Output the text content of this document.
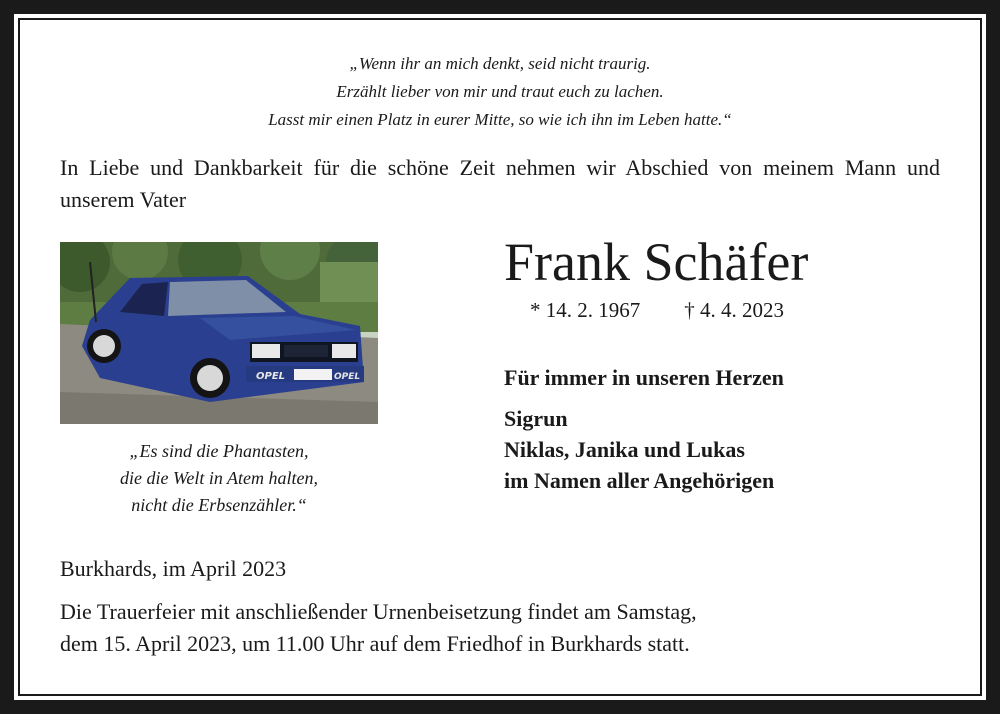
„Wenn ihr an mich denkt, seid nicht traurig.
Erzählt lieber von mir und traut euch zu lachen.
Lasst mir einen Platz in eurer Mitte, so wie ich ihn im Leben hatte.“
In Liebe und Dankbarkeit für die schöne Zeit nehmen wir Abschied von meinem Mann und unserem Vater
OPEL	OPEL
„Es sind die Phantasten,
die die Welt in Atem halten,
nicht die Erbsenzähler.“
Frank Schäfer
* 14. 2. 1967 † 4. 4. 2023
Für immer in unseren Herzen
Sigrun
Niklas, Janika und Lukas
im Namen aller Angehörigen
Burkhards, im April 2023
Die Trauerfeier mit anschließender Urnenbeisetzung findet am Samstag,
dem 15. April 2023, um 11.00 Uhr auf dem Friedhof in Burkhards statt.
